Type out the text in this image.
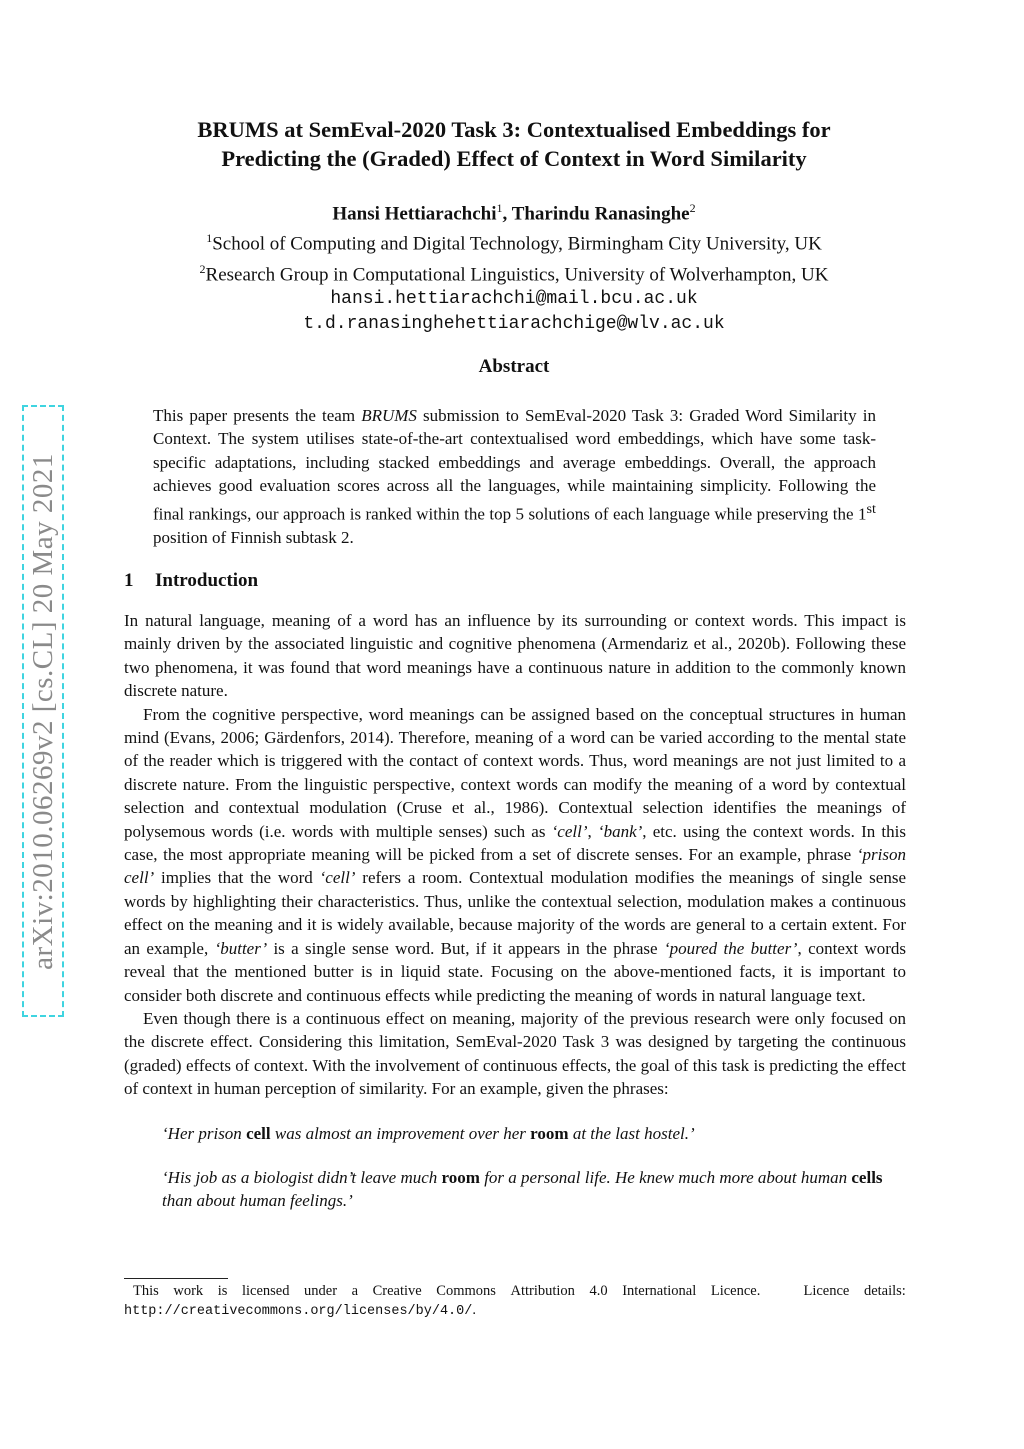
arXiv:2010.06269v2 [cs.CL] 20 May 2021
BRUMS at SemEval-2020 Task 3: Contextualised Embeddings for
Predicting the (Graded) Effect of Context in Word Similarity
Hansi Hettiarachchi$^1$, Tharindu Ranasinghe$^2$
$^1$School of Computing and Digital Technology, Birmingham City University, UK
$^2$Research Group in Computational Linguistics, University of Wolverhampton, UK
hansi.hettiarachchi@mail.bcu.ac.uk
t.d.ranasinghehettiarachchige@wlv.ac.uk
Abstract

This paper presents the team BRUMS submission to SemEval-2020 Task 3: Graded Word Similarity in Context. The system utilises state-of-the-art contextualised word embeddings, which have some task-specific adaptations, including stacked embeddings and average embeddings. Overall, the approach achieves good evaluation scores across all the languages, while maintaining simplicity. Following the final rankings, our approach is ranked within the top 5 solutions of each language while preserving the 1st position of Finnish subtask 2.

1 Introduction

In natural language, meaning of a word has an influence by its surrounding or context words. This impact is mainly driven by the associated linguistic and cognitive phenomena (Armendariz et al., 2020b). Following these two phenomena, it was found that word meanings have a continuous nature in addition to the commonly known discrete nature.

From the cognitive perspective, word meanings can be assigned based on the conceptual structures in human mind (Evans, 2006; Gärdenfors, 2014). Therefore, meaning of a word can be varied according to the mental state of the reader which is triggered with the contact of context words. Thus, word meanings are not just limited to a discrete nature. From the linguistic perspective, context words can modify the meaning of a word by contextual selection and contextual modulation (Cruse et al., 1986). Contextual selection identifies the meanings of polysemous words (i.e. words with multiple senses) such as ‘cell’, ‘bank’, etc. using the context words. In this case, the most appropriate meaning will be picked from a set of discrete senses. For an example, phrase ‘prison cell’ implies that the word ‘cell’ refers a room. Contextual modulation modifies the meanings of single sense words by highlighting their characteristics. Thus, unlike the contextual selection, modulation makes a continuous effect on the meaning and it is widely available, because majority of the words are general to a certain extent. For an example, ‘butter’ is a single sense word. But, if it appears in the phrase ‘poured the butter’, context words reveal that the mentioned butter is in liquid state. Focusing on the above-mentioned facts, it is important to consider both discrete and continuous effects while predicting the meaning of words in natural language text.

Even though there is a continuous effect on meaning, majority of the previous research were only focused on the discrete effect. Considering this limitation, SemEval-2020 Task 3 was designed by targeting the continuous (graded) effects of context. With the involvement of continuous effects, the goal of this task is predicting the effect of context in human perception of similarity. For an example, given the phrases:

‘Her prison cell was almost an improvement over her room at the last hostel.’

‘His job as a biologist didn’t leave much room for a personal life. He knew much more about human cells than about human feelings.’

This work is licensed under a Creative Commons Attribution 4.0 International Licence.	Licence details:
http://creativecommons.org/licenses/by/4.0/.
